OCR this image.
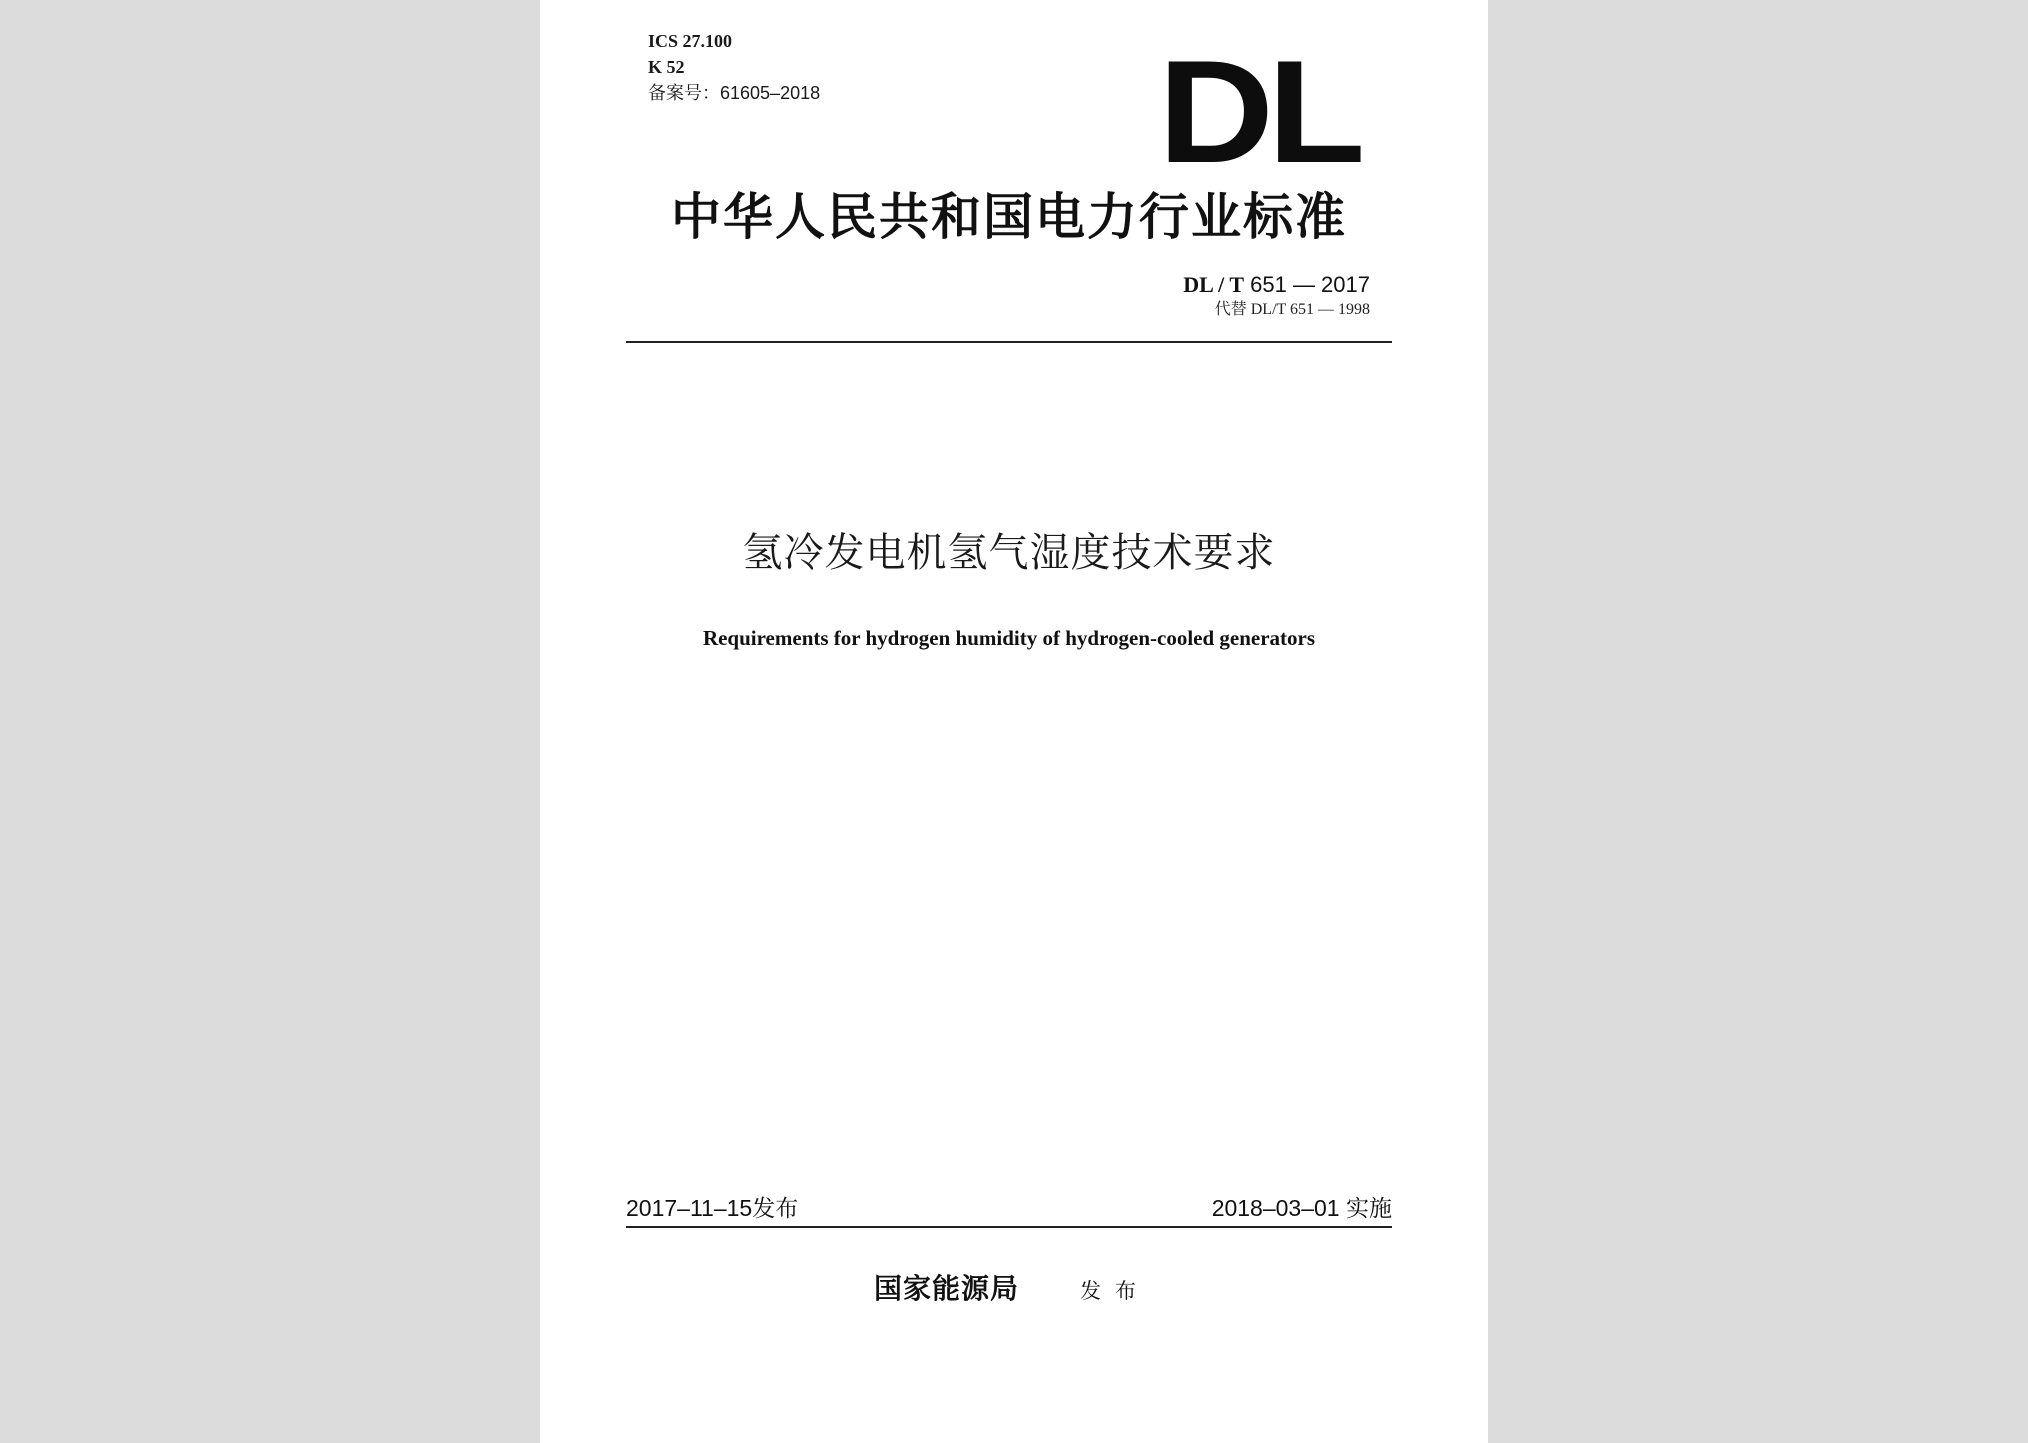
ICS 27.100
K 52
备案号：61605–2018 DL
中华人民共和国电力行业标准
DL / T 651 — 2017
代替 DL/T 651 — 1998
氢冷发电机氢气湿度技术要求
Requirements for hydrogen humidity of hydrogen-cooled generators
2017–11–15发布	2018–03–01 实施
国家能源局	发布
